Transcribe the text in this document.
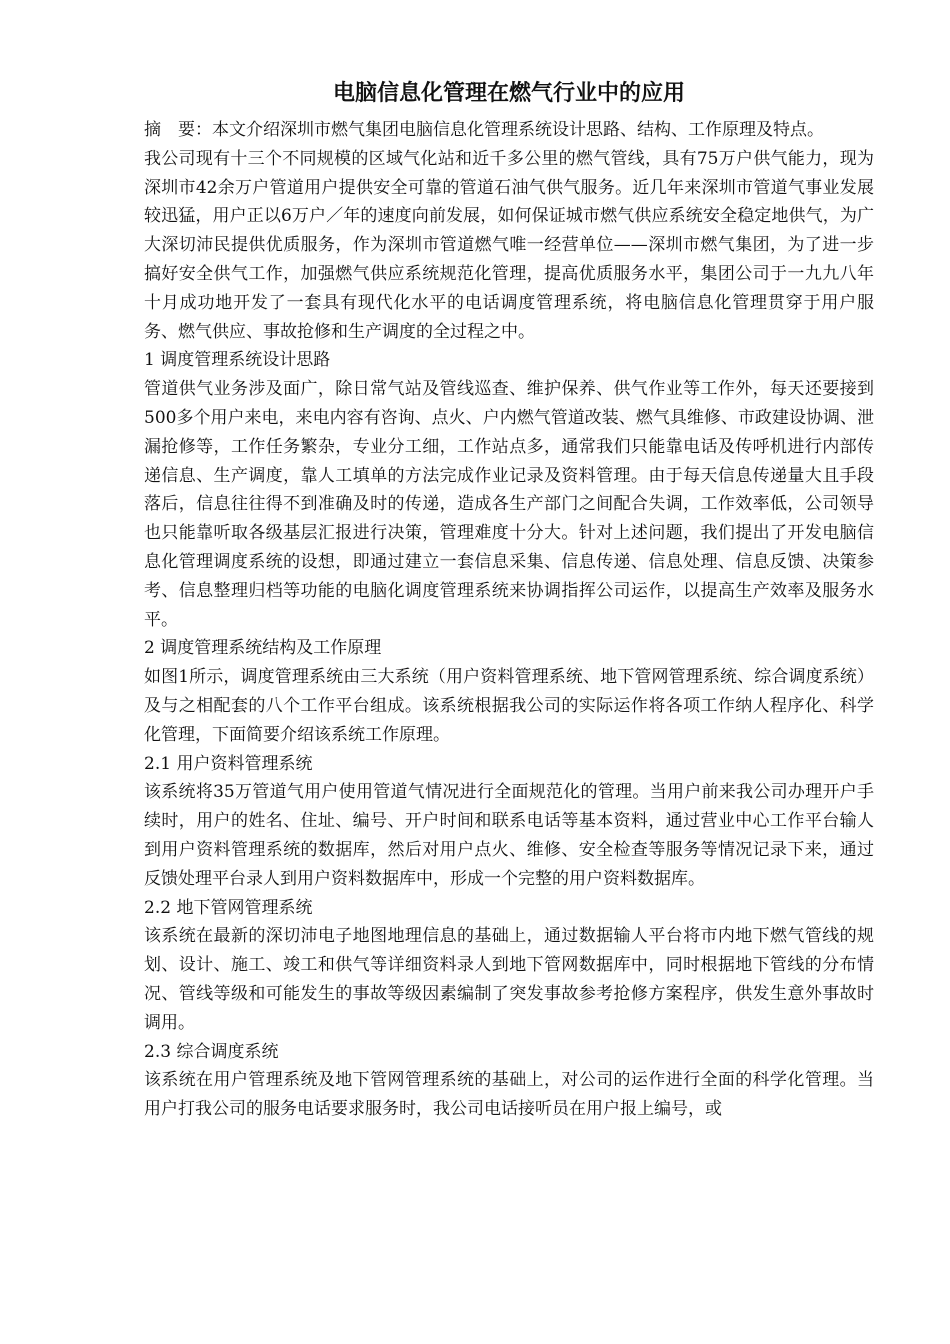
电脑信息化管理在燃气行业中的应用

摘　要：本文介绍深圳市燃气集团电脑信息化管理系统设计思路、结构、工作原理及特点。

我公司现有十三个不同规模的区域气化站和近千多公里的燃气管线，具有75万户供气能力，现为深圳市42余万户管道用户提供安全可靠的管道石油气供气服务。近几年来深圳市管道气事业发展较迅猛，用户正以6万户／年的速度向前发展，如何保证城市燃气供应系统安全稳定地供气，为广大深切沛民提供优质服务，作为深圳市管道燃气唯一经营单位——深圳市燃气集团，为了进一步搞好安全供气工作，加强燃气供应系统规范化管理，提高优质服务水平，集团公司于一九九八年十月成功地开发了一套具有现代化水平的电话调度管理系统，将电脑信息化管理贯穿于用户服务、燃气供应、事故抢修和生产调度的全过程之中。

1 调度管理系统设计思路

管道供气业务涉及面广，除日常气站及管线巡查、维护保养、供气作业等工作外，每天还要接到500多个用户来电，来电内容有咨询、点火、户内燃气管道改装、燃气具维修、市政建设协调、泄漏抢修等，工作任务繁杂，专业分工细，工作站点多，通常我们只能靠电话及传呼机进行内部传递信息、生产调度，靠人工填单的方法完成作业记录及资料管理。由于每天信息传递量大且手段落后，信息往往得不到准确及时的传递，造成各生产部门之间配合失调，工作效率低，公司领导也只能靠听取各级基层汇报进行决策，管理难度十分大。针对上述问题，我们提出了开发电脑信息化管理调度系统的设想，即通过建立一套信息采集、信息传递、信息处理、信息反馈、决策参考、信息整理归档等功能的电脑化调度管理系统来协调指挥公司运作，以提高生产效率及服务水平。

2 调度管理系统结构及工作原理

如图1所示，调度管理系统由三大系统（用户资料管理系统、地下管网管理系统、综合调度系统）及与之相配套的八个工作平台组成。该系统根据我公司的实际运作将各项工作纳人程序化、科学化管理，下面简要介绍该系统工作原理。

2.1 用户资料管理系统

该系统将35万管道气用户使用管道气情况进行全面规范化的管理。当用户前来我公司办理开户手续时，用户的姓名、住址、编号、开户时间和联系电话等基本资料，通过营业中心工作平台输人到用户资料管理系统的数据库，然后对用户点火、维修、安全检查等服务等情况记录下来，通过反馈处理平台录人到用户资料数据库中，形成一个完整的用户资料数据库。

2.2 地下管网管理系统

该系统在最新的深切沛电子地图地理信息的基础上，通过数据输人平台将市内地下燃气管线的规划、设计、施工、竣工和供气等详细资料录人到地下管网数据库中，同时根据地下管线的分布情况、管线等级和可能发生的事故等级因素编制了突发事故参考抢修方案程序，供发生意外事故时调用。

2.3 综合调度系统

该系统在用户管理系统及地下管网管理系统的基础上，对公司的运作进行全面的科学化管理。当用户打我公司的服务电话要求服务时，我公司电话接听员在用户报上编号，或
